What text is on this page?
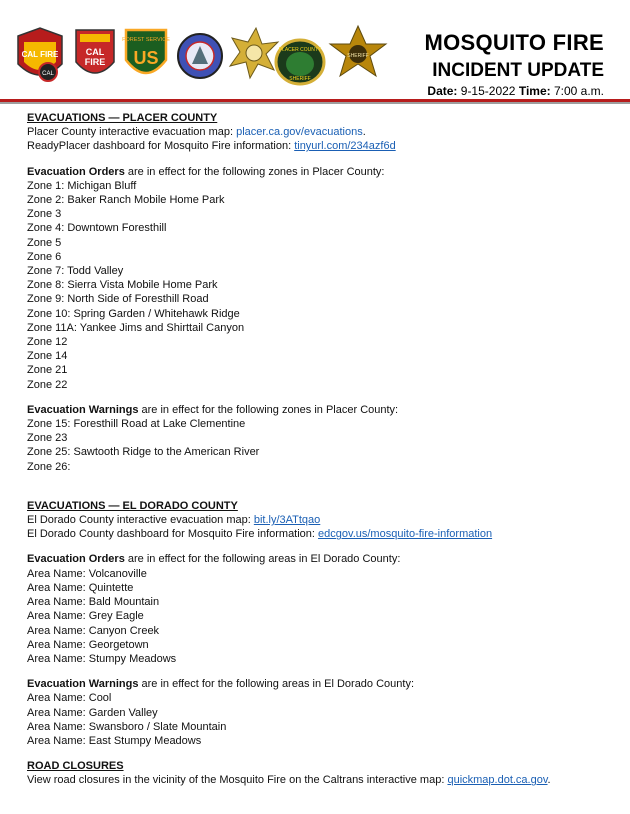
CAL FIRE
CAL
CAL
FIRE
FOREST SERVICE
US	PLACER COUNTY
SHERIFF
SHERIFF
MOSQUITO FIRE
INCIDENT UPDATE
Date: 9-15-2022 Time: 7:00 a.m.
EVACUATIONS — PLACER COUNTY
Placer County interactive evacuation map: placer.ca.gov/evacuations.
ReadyPlacer dashboard for Mosquito Fire information: tinyurl.com/234azf6d
Evacuation Orders are in effect for the following zones in Placer County:
Zone 1: Michigan Bluff
Zone 2: Baker Ranch Mobile Home Park
Zone 3
Zone 4: Downtown Foresthill
Zone 5
Zone 6
Zone 7: Todd Valley
Zone 8: Sierra Vista Mobile Home Park
Zone 9: North Side of Foresthill Road
Zone 10: Spring Garden / Whitehawk Ridge
Zone 11A: Yankee Jims and Shirttail Canyon
Zone 12
Zone 14
Zone 21
Zone 22
Evacuation Warnings are in effect for the following zones in Placer County:
Zone 15: Foresthill Road at Lake Clementine
Zone 23
Zone 25: Sawtooth Ridge to the American River
Zone 26:
EVACUATIONS — EL DORADO COUNTY
El Dorado County interactive evacuation map: bit.ly/3ATtqao
El Dorado County dashboard for Mosquito Fire information: edcgov.us/mosquito-fire-information
Evacuation Orders are in effect for the following areas in El Dorado County:
Area Name: Volcanoville
Area Name: Quintette
Area Name: Bald Mountain
Area Name: Grey Eagle
Area Name: Canyon Creek
Area Name: Georgetown
Area Name: Stumpy Meadows
Evacuation Warnings are in effect for the following areas in El Dorado County:
Area Name: Cool
Area Name: Garden Valley
Area Name: Swansboro / Slate Mountain
Area Name: East Stumpy Meadows
ROAD CLOSURES
View road closures in the vicinity of the Mosquito Fire on the Caltrans interactive map: quickmap.dot.ca.gov.
